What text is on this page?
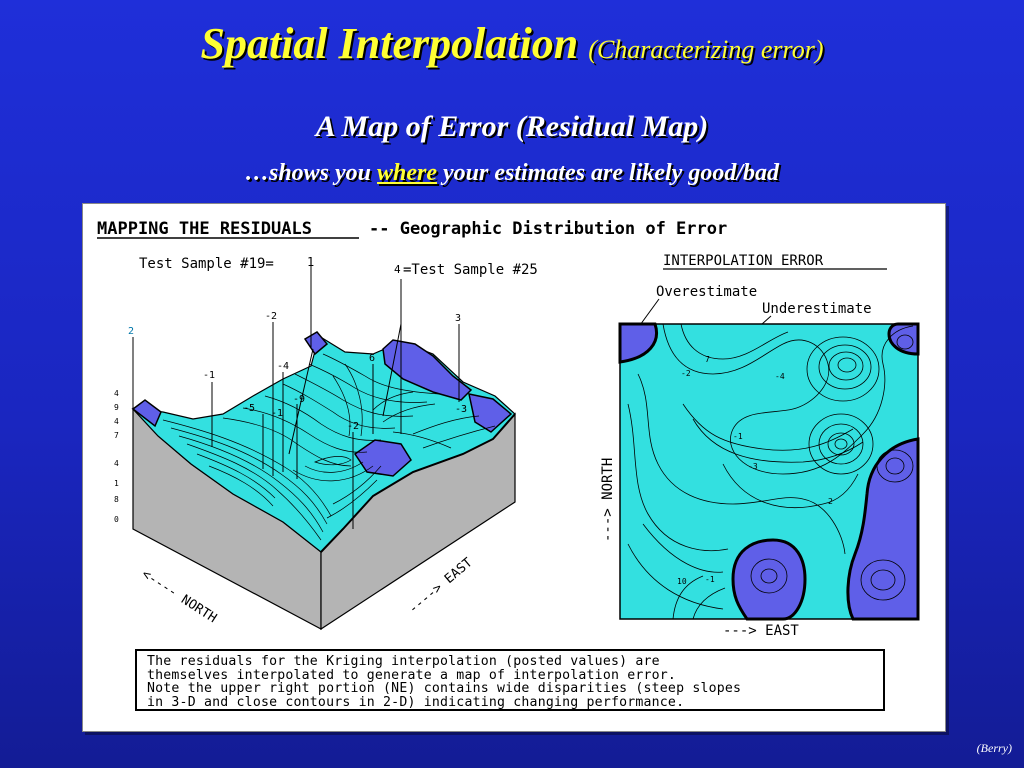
Spatial Interpolation (Characterizing error)
A Map of Error (Residual Map)
…shows you where your estimates are likely good/bad
MAPPING THE RESIDUALS	-- Geographic Distribution of Error
Test Sample #19=	1
4 =Test Sample #25
2
-1
-2
-4
-5 -1
-9
6
-2
3
-3
4
9
4
7
4
1
8
0
<---- NORTH	----> EAST
INTERPOLATION ERROR
Overestimate
Underestimate
7
-2
-1
-3
-4
10 -1
2
---> NORTH
---> EAST
The residuals for the Kriging interpolation (posted values) are
themselves interpolated to generate a map of interpolation error.
Note the upper right portion (NE) contains wide disparities (steep slopes
in 3-D and close contours in 2-D) indicating changing performance.
(Berry)
